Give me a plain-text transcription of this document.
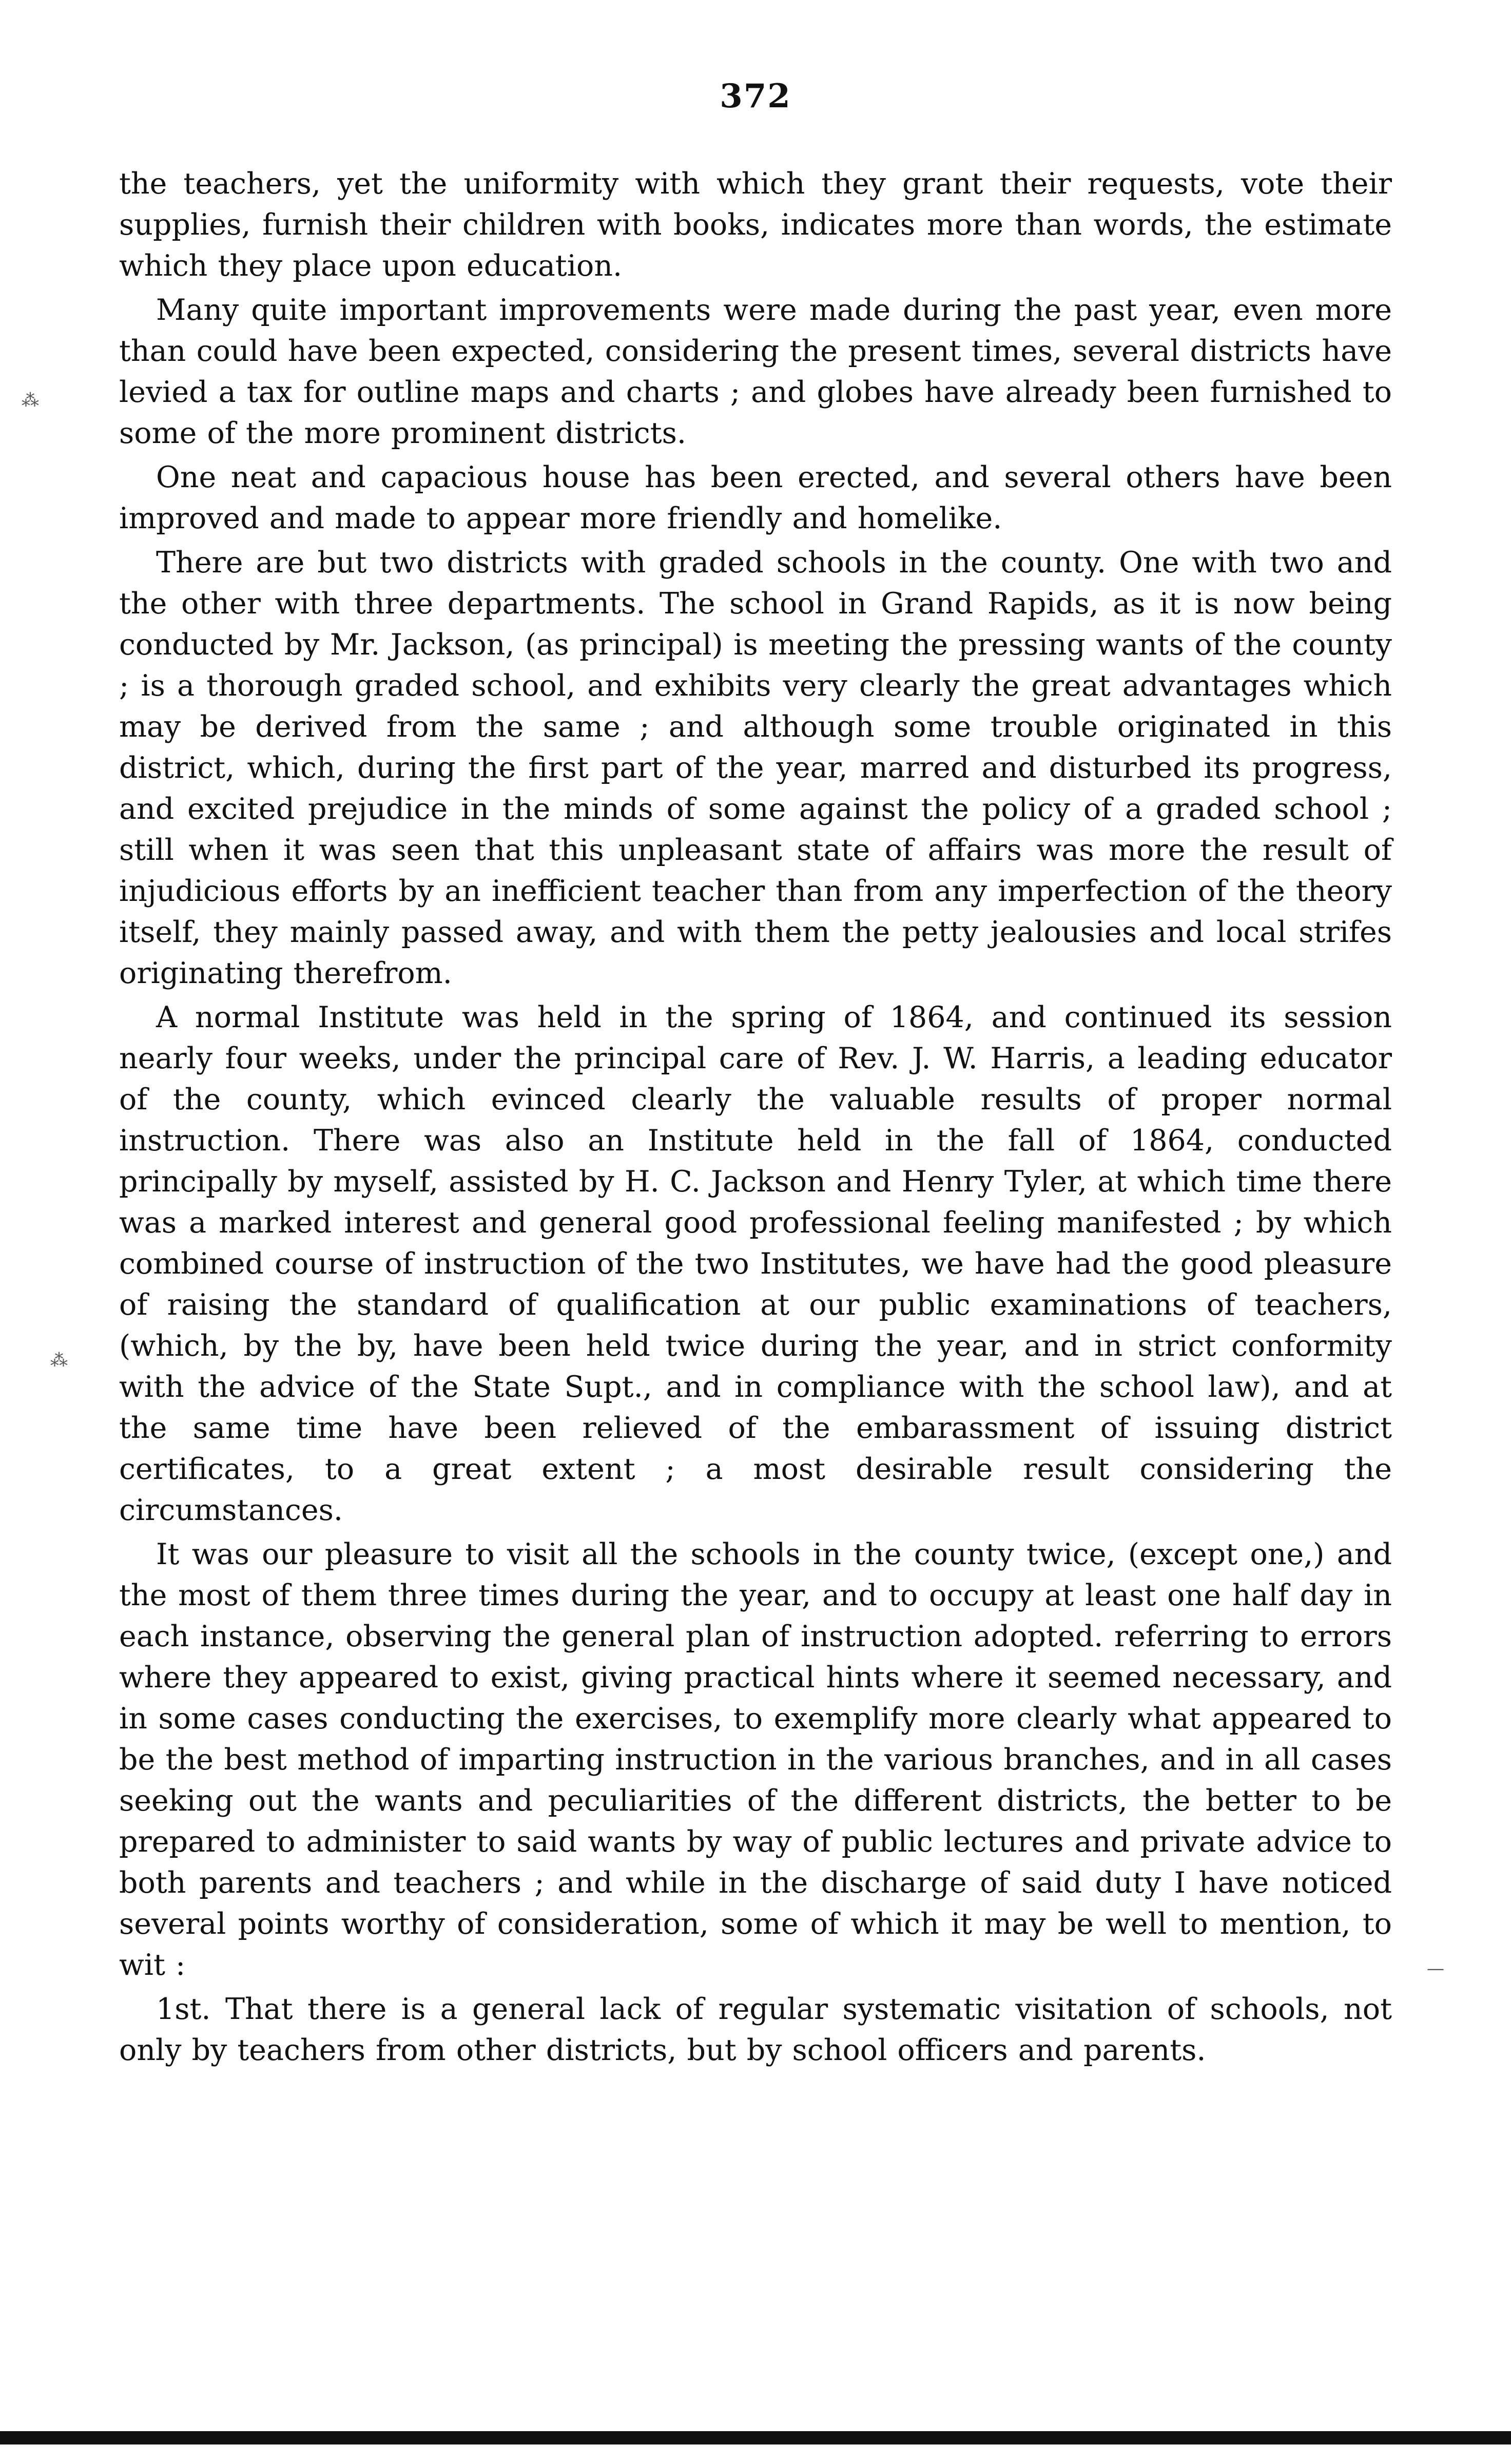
372
⁂
⁂
—

the teachers, yet the uniformity with which they grant their requests, vote their supplies, furnish their children with books, indicates more than words, the estimate which they place upon education.

Many quite important improvements were made during the past year, even more than could have been expected, considering the present times, several districts have levied a tax for outline maps and charts ; and globes have already been furnished to some of the more prominent districts.

One neat and capacious house has been erected, and several others have been improved and made to appear more friendly and homelike.

There are but two districts with graded schools in the county. One with two and the other with three departments. The school in Grand Rapids, as it is now being conducted by Mr. Jackson, (as principal) is meeting the pressing wants of the county ; is a thorough graded school, and exhibits very clearly the great advantages which may be derived from the same ; and although some trouble originated in this district, which, during the first part of the year, marred and disturbed its progress, and excited prejudice in the minds of some against the policy of a graded school ; still when it was seen that this unpleasant state of affairs was more the result of injudicious efforts by an inefficient teacher than from any imperfection of the theory itself, they mainly passed away, and with them the petty jealousies and local strifes originating therefrom.

A normal Institute was held in the spring of 1864, and continued its session nearly four weeks, under the principal care of Rev. J. W. Harris, a leading educator of the county, which evinced clearly the valuable results of proper normal instruction. There was also an Institute held in the fall of 1864, conducted principally by myself, assisted by H. C. Jackson and Henry Tyler, at which time there was a marked interest and general good professional feeling manifested ; by which combined course of instruction of the two Institutes, we have had the good pleasure of raising the standard of qualification at our public examinations of teachers, (which, by the by, have been held twice during the year, and in strict conformity with the advice of the State Supt., and in compliance with the school law), and at the same time have been relieved of the embarassment of issuing district certificates, to a great extent ; a most desirable result considering the circumstances.

It was our pleasure to visit all the schools in the county twice, (except one,) and the most of them three times during the year, and to occupy at least one half day in each instance, observing the general plan of instruction adopted. referring to errors where they appeared to exist, giving practical hints where it seemed necessary, and in some cases conducting the exercises, to exemplify more clearly what appeared to be the best method of imparting instruction in the various branches, and in all cases seeking out the wants and peculiarities of the different districts, the better to be prepared to administer to said wants by way of public lectures and private advice to both parents and teachers ; and while in the discharge of said duty I have noticed several points worthy of consideration, some of which it may be well to mention, to wit :

1st. That there is a general lack of regular systematic visitation of schools, not only by teachers from other districts, but by school officers and parents.
